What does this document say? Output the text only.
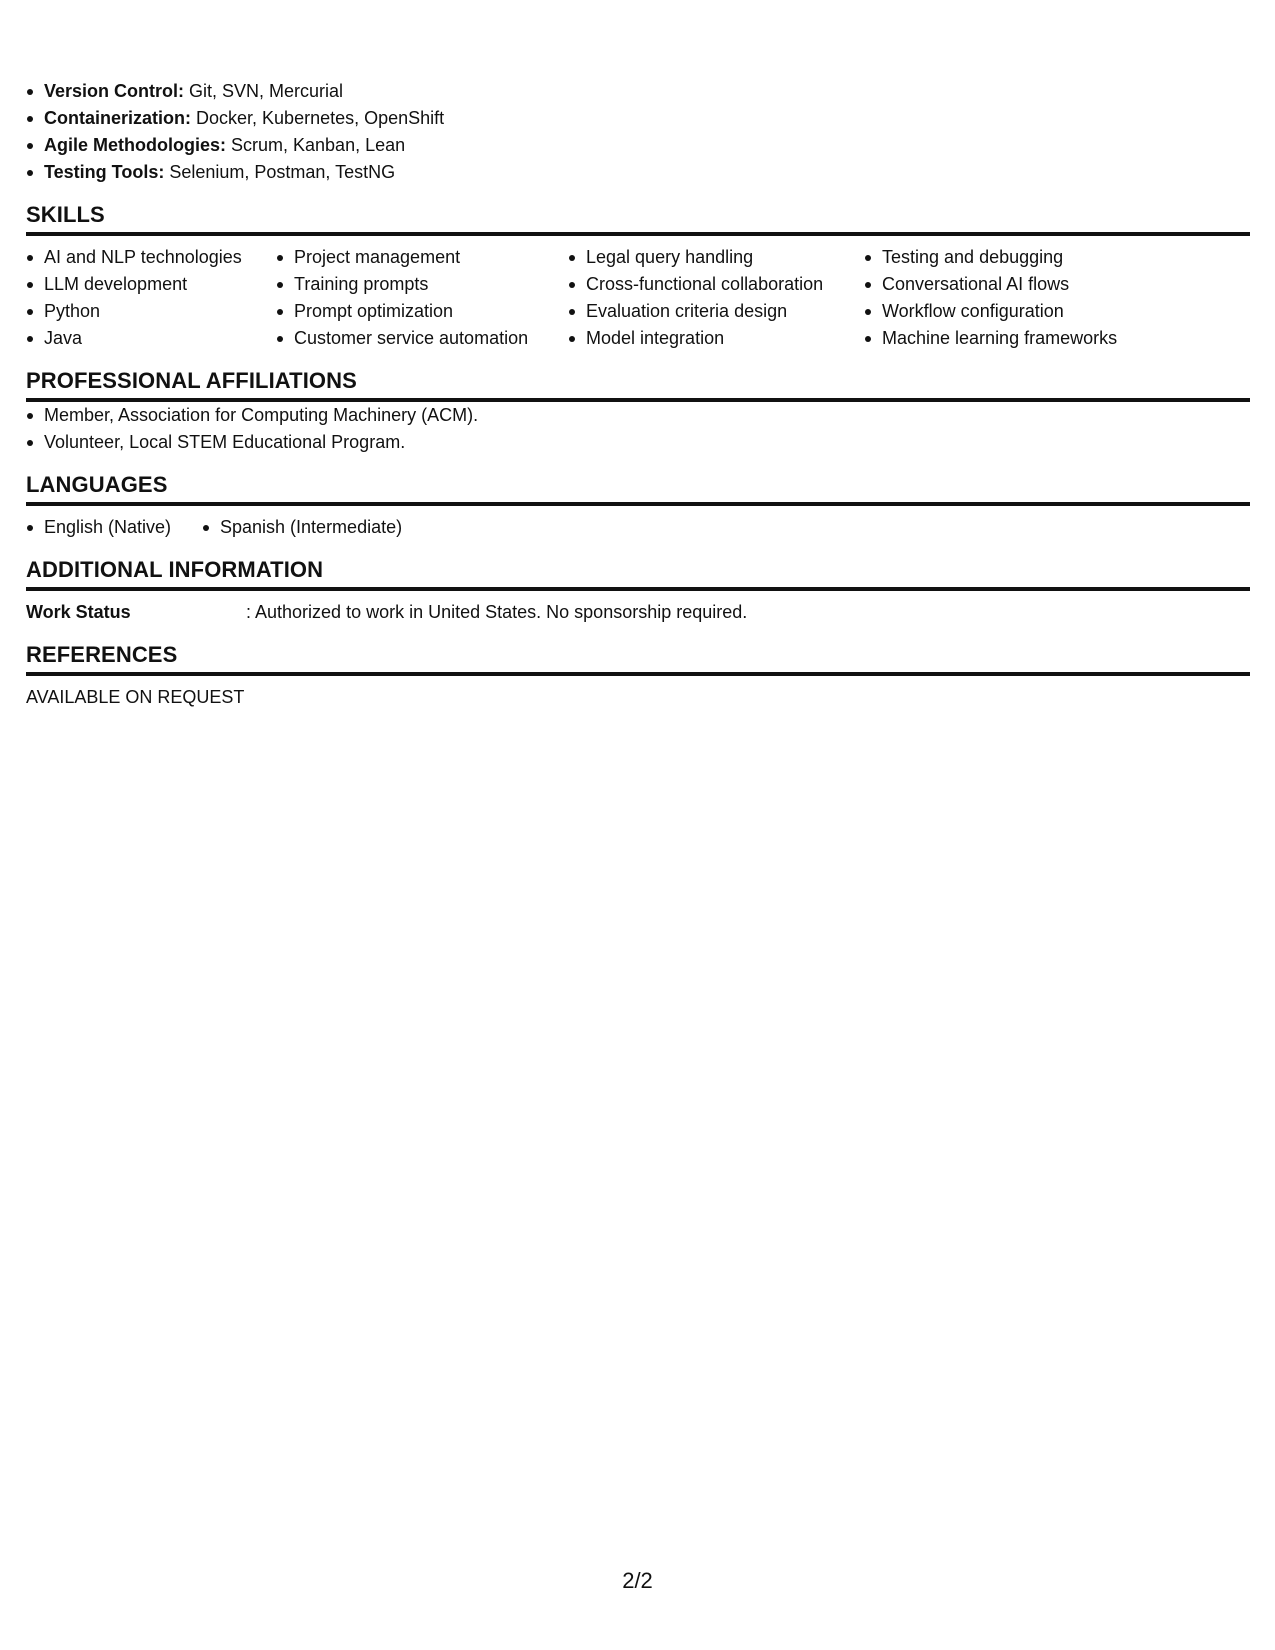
Version Control: Git, SVN, Mercurial
Containerization: Docker, Kubernetes, OpenShift
Agile Methodologies: Scrum, Kanban, Lean
Testing Tools: Selenium, Postman, TestNG
SKILLS
AI and NLP technologies
LLM development
Python
Java
Project management
Training prompts
Prompt optimization
Customer service automation
Legal query handling
Cross-functional collaboration
Evaluation criteria design
Model integration
Testing and debugging
Conversational AI flows
Workflow configuration
Machine learning frameworks
PROFESSIONAL AFFILIATIONS
Member, Association for Computing Machinery (ACM).
Volunteer, Local STEM Educational Program.
LANGUAGES
English (Native)	Spanish (Intermediate)
ADDITIONAL INFORMATION
Work Status	: Authorized to work in United States. No sponsorship required.
REFERENCES
AVAILABLE ON REQUEST
2/2
